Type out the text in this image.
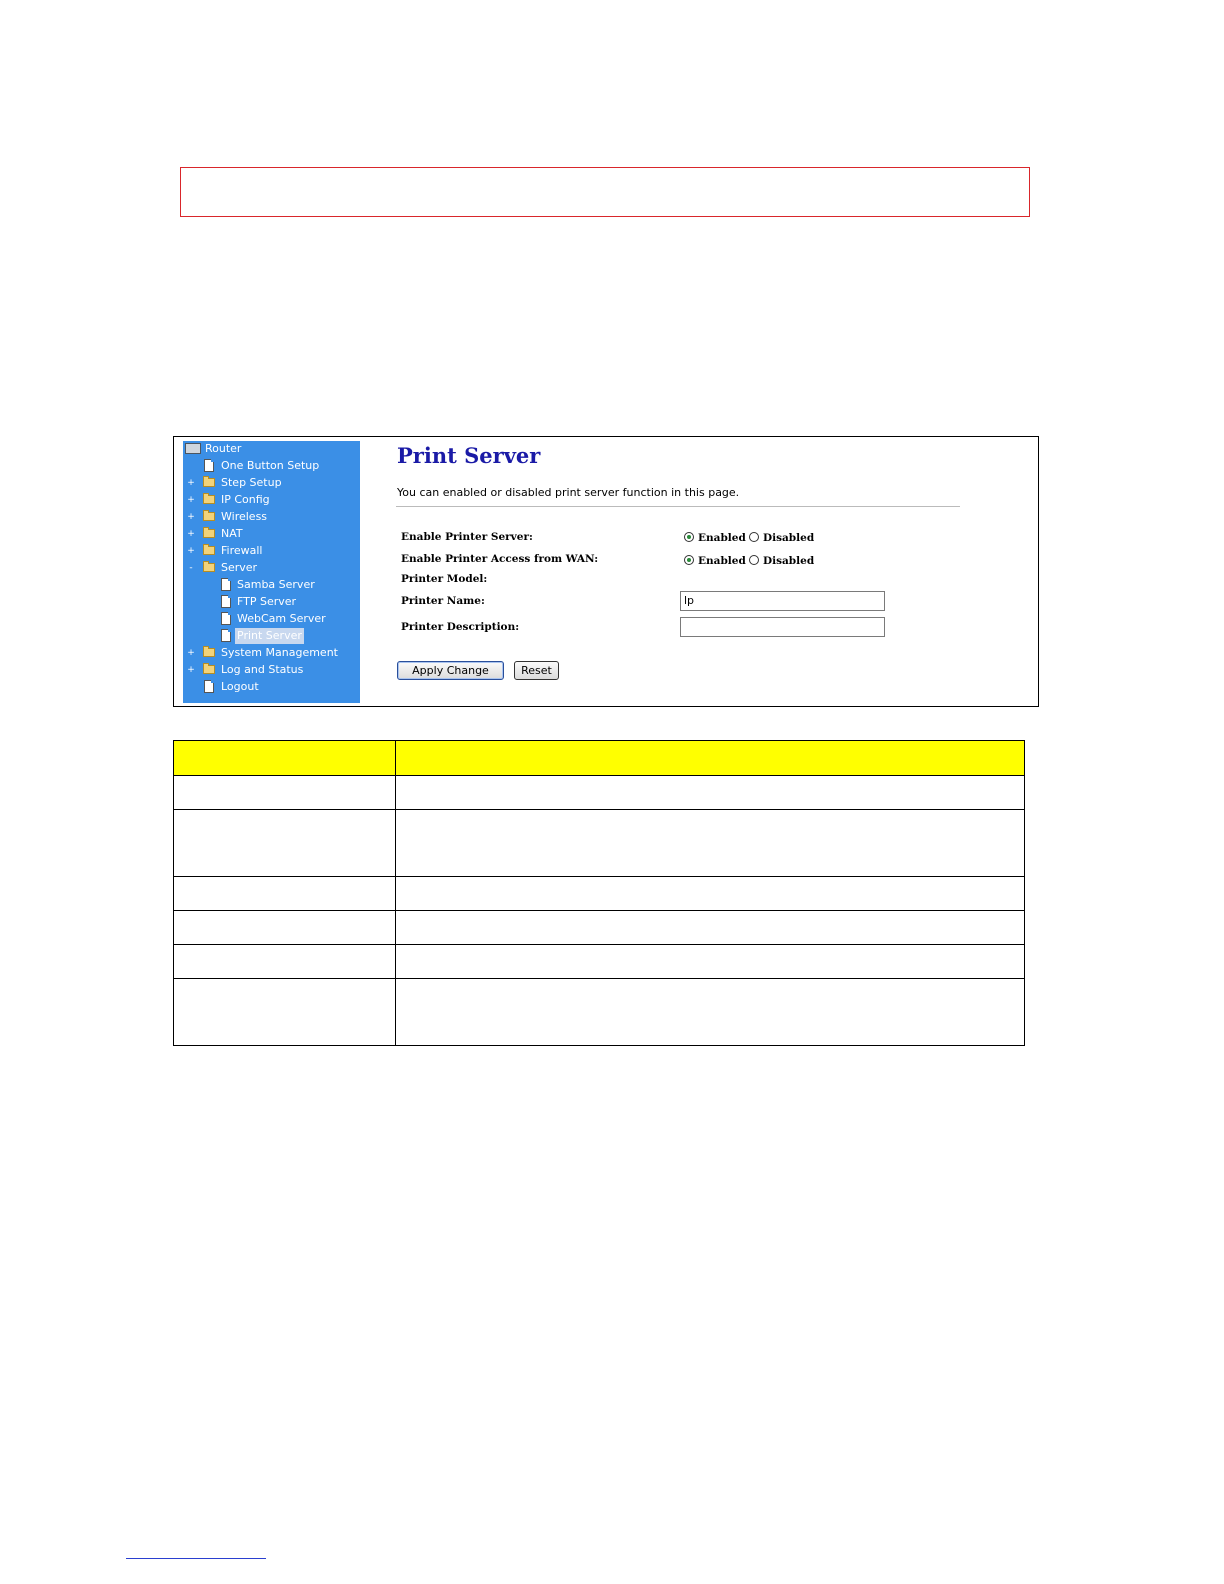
Router
One Button Setup
+ Step Setup
+ IP Config
+ Wireless
+ NAT
+ Firewall
-	Server
Samba Server
FTP Server
WebCam Server
Print Server
+ System Management
+ Log and Status
Logout
Print Server
You can enabled or disabled print server function in this page.
Enable Printer Server:	Enabled Disabled
Enable Printer Access from WAN:	Enabled Disabled
Printer Model:
Printer Name:	lp
Printer Description:
Apply Change	Reset
